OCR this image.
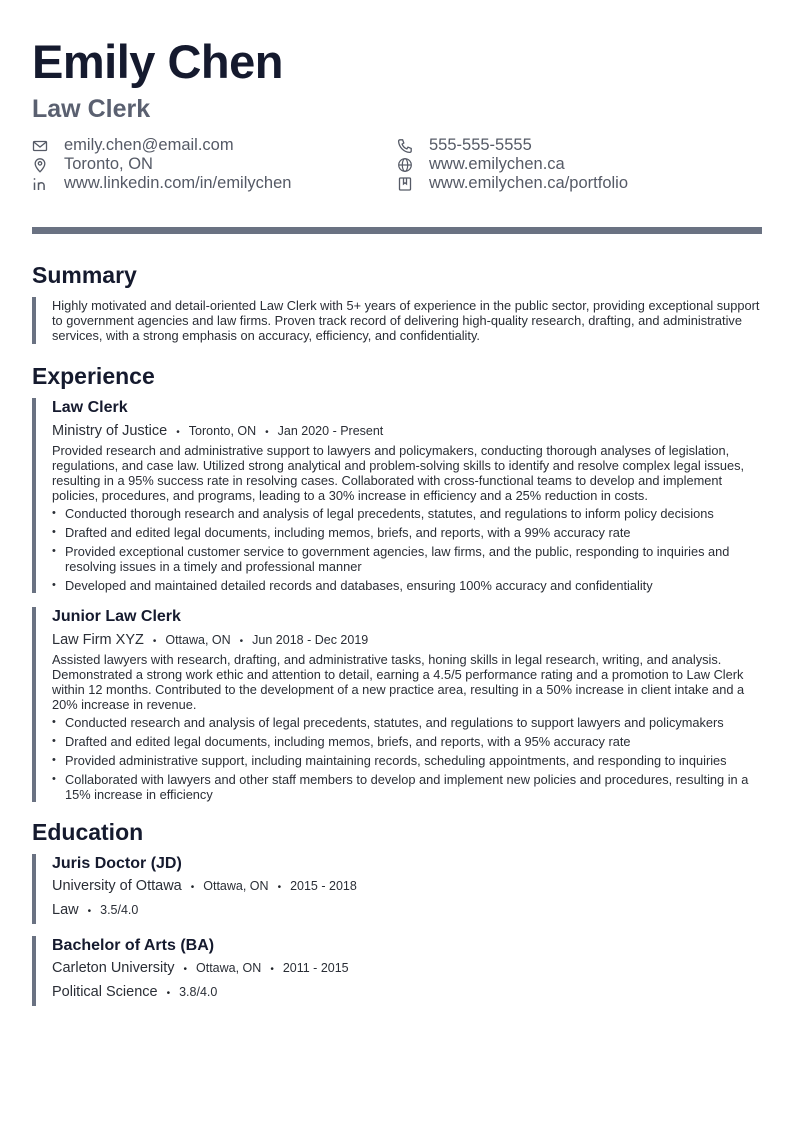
Emily Chen
Law Clerk
emily.chen@email.com	555-555-5555
Toronto, ON	www.emilychen.ca
www.linkedin.com/in/emilychen	www.emilychen.ca/portfolio
Summary
Highly motivated and detail-oriented Law Clerk with 5+ years of experience in the public sector, providing exceptional support to government agencies and law firms. Proven track record of delivering high-quality research, drafting, and administrative services, with a strong emphasis on accuracy, efficiency, and confidentiality.
Experience
Law Clerk
Ministry of Justice • Toronto, ON • Jan 2020 - Present
Provided research and administrative support to lawyers and policymakers, conducting thorough analyses of legislation, regulations, and case law. Utilized strong analytical and problem-solving skills to identify and resolve complex legal issues, resulting in a 95% success rate in resolving cases. Collaborated with cross-functional teams to develop and implement policies, procedures, and programs, leading to a 30% increase in efficiency and a 25% reduction in costs.
• Conducted thorough research and analysis of legal precedents, statutes, and regulations to inform policy decisions
• Drafted and edited legal documents, including memos, briefs, and reports, with a 99% accuracy rate
• Provided exceptional customer service to government agencies, law firms, and the public, responding to inquiries and resolving issues in a timely and professional manner
• Developed and maintained detailed records and databases, ensuring 100% accuracy and confidentiality
Junior Law Clerk
Law Firm XYZ • Ottawa, ON • Jun 2018 - Dec 2019
Assisted lawyers with research, drafting, and administrative tasks, honing skills in legal research, writing, and analysis. Demonstrated a strong work ethic and attention to detail, earning a 4.5/5 performance rating and a promotion to Law Clerk within 12 months. Contributed to the development of a new practice area, resulting in a 50% increase in client intake and a 20% increase in revenue.
• Conducted research and analysis of legal precedents, statutes, and regulations to support lawyers and policymakers
• Drafted and edited legal documents, including memos, briefs, and reports, with a 95% accuracy rate
• Provided administrative support, including maintaining records, scheduling appointments, and responding to inquiries
• Collaborated with lawyers and other staff members to develop and implement new policies and procedures, resulting in a 15% increase in efficiency
Education
Juris Doctor (JD)
University of Ottawa • Ottawa, ON • 2015 - 2018
Law • 3.5/4.0
Bachelor of Arts (BA)
Carleton University • Ottawa, ON • 2011 - 2015
Political Science • 3.8/4.0
